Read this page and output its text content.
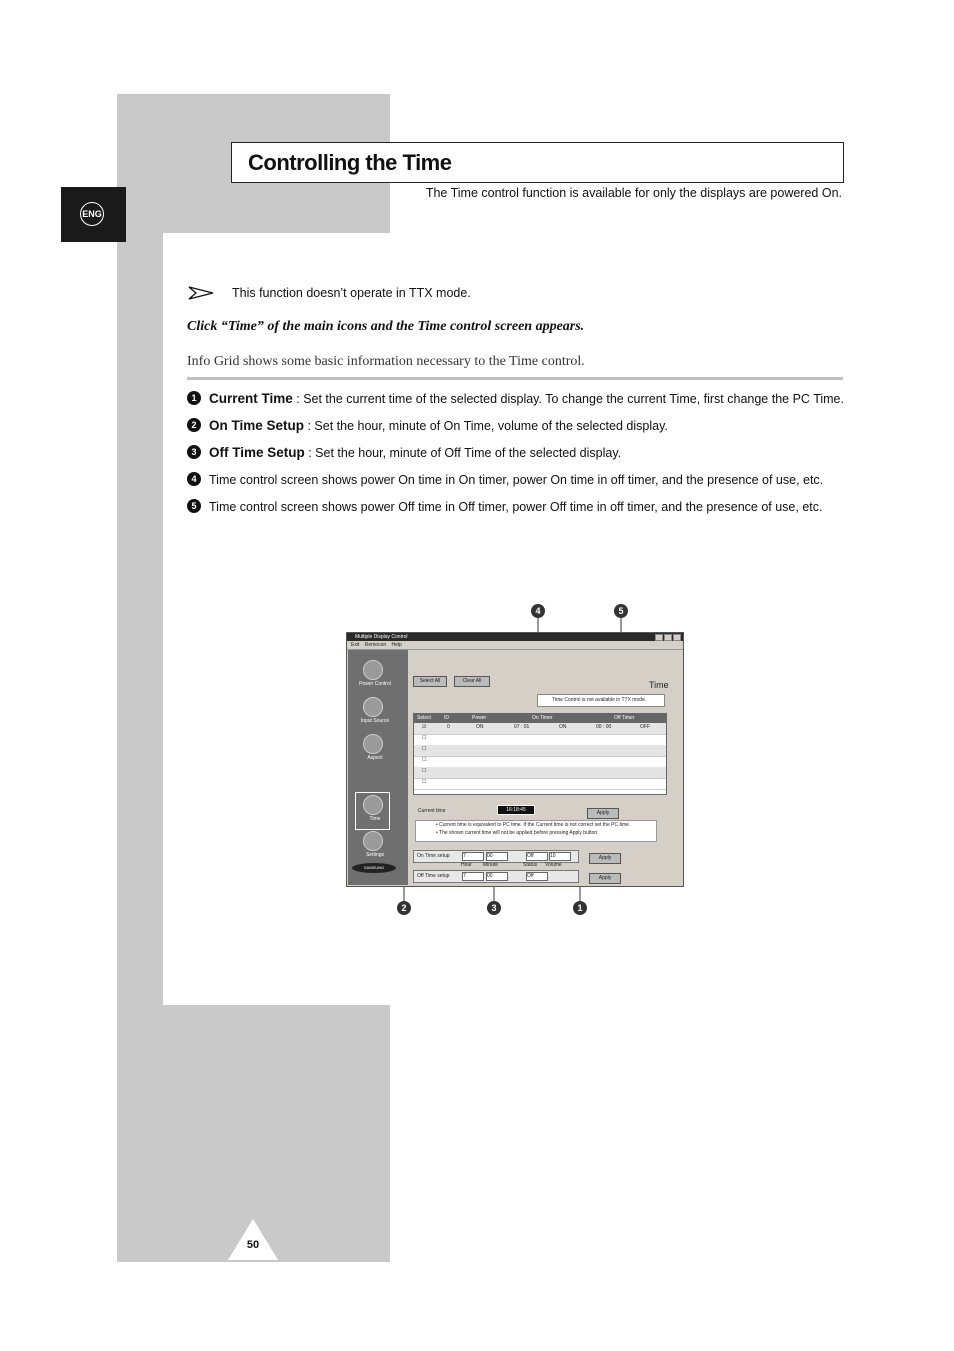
ENG
Controlling the Time
The Time control function is available for only the displays are powered On.
This function doesn’t operate in TTX mode.
Click “Time” of the main icons and the Time control screen appears.
Info Grid shows some basic information necessary to the Time control.
1 Current Time : Set the current time of the selected display. To change the current Time, first change the PC Time.
2 On Time Setup : Set the hour, minute of On Time, volume of the selected display.
3 Off Time Setup : Set the hour, minute of Off Time of the selected display.
4	Time control screen shows power On time in On timer, power On time in off timer, and the presence of use, etc.
5	Time control screen shows power Off time in Off timer, power Off time in off timer, and the presence of use, etc.
4	5
2	3	1
Multiple Display Control
Exit Remocon Help
Power Control
Input Source
Aspect
Time
Settings
SAMSUNG
Select All	Clear All	Time
Time Control is not available in TTX mode.
Select	ID	Power	On Timer	Off Timer
☑	0	ON	07 : 01	ON	00 : 00	OFF
☐
☐
☐
☐
☐
Current time	16:18:45	Apply
• Current time is equivalent to PC time. If the Current time is not correct set the PC time.
• The shown current time will not be applied before pressing Apply button.
On Time setup	7	00	Off	10
Hour Minute	Status Volume
Apply
Off Time setup	7	00	Off	Apply
50
